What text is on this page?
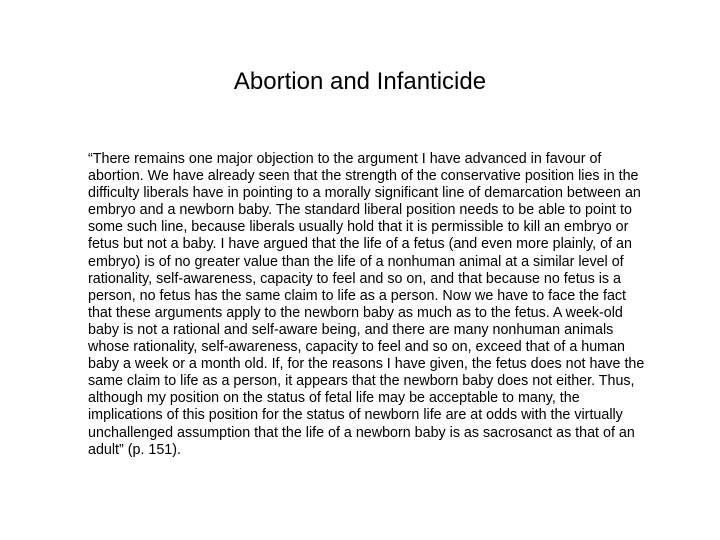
Abortion and Infanticide

“There remains one major objection to the argument I have advanced in favour of abortion. We have already seen that the strength of the conservative position lies in the difficulty liberals have in pointing to a morally significant line of demarcation between an embryo and a newborn baby. The standard liberal position needs to be able to point to some such line, because liberals usually hold that it is permissible to kill an embryo or fetus but not a baby. I have argued that the life of a fetus (and even more plainly, of an embryo) is of no greater value than the life of a nonhuman animal at a similar level of rationality, self-awareness, capacity to feel and so on, and that because no fetus is a person, no fetus has the same claim to life as a person. Now we have to face the fact that these arguments apply to the newborn baby as much as to the fetus. A week-old baby is not a rational and self-aware being, and there are many nonhuman animals whose rationality, self-awareness, capacity to feel and so on, exceed that of a human baby a week or a month old. If, for the reasons I have given, the fetus does not have the same claim to life as a person, it appears that the newborn baby does not either. Thus, although my position on the status of fetal life may be acceptable to many, the implications of this position for the status of newborn life are at odds with the virtually unchallenged assumption that the life of a newborn baby is as sacrosanct as that of an adult” (p. 151).
